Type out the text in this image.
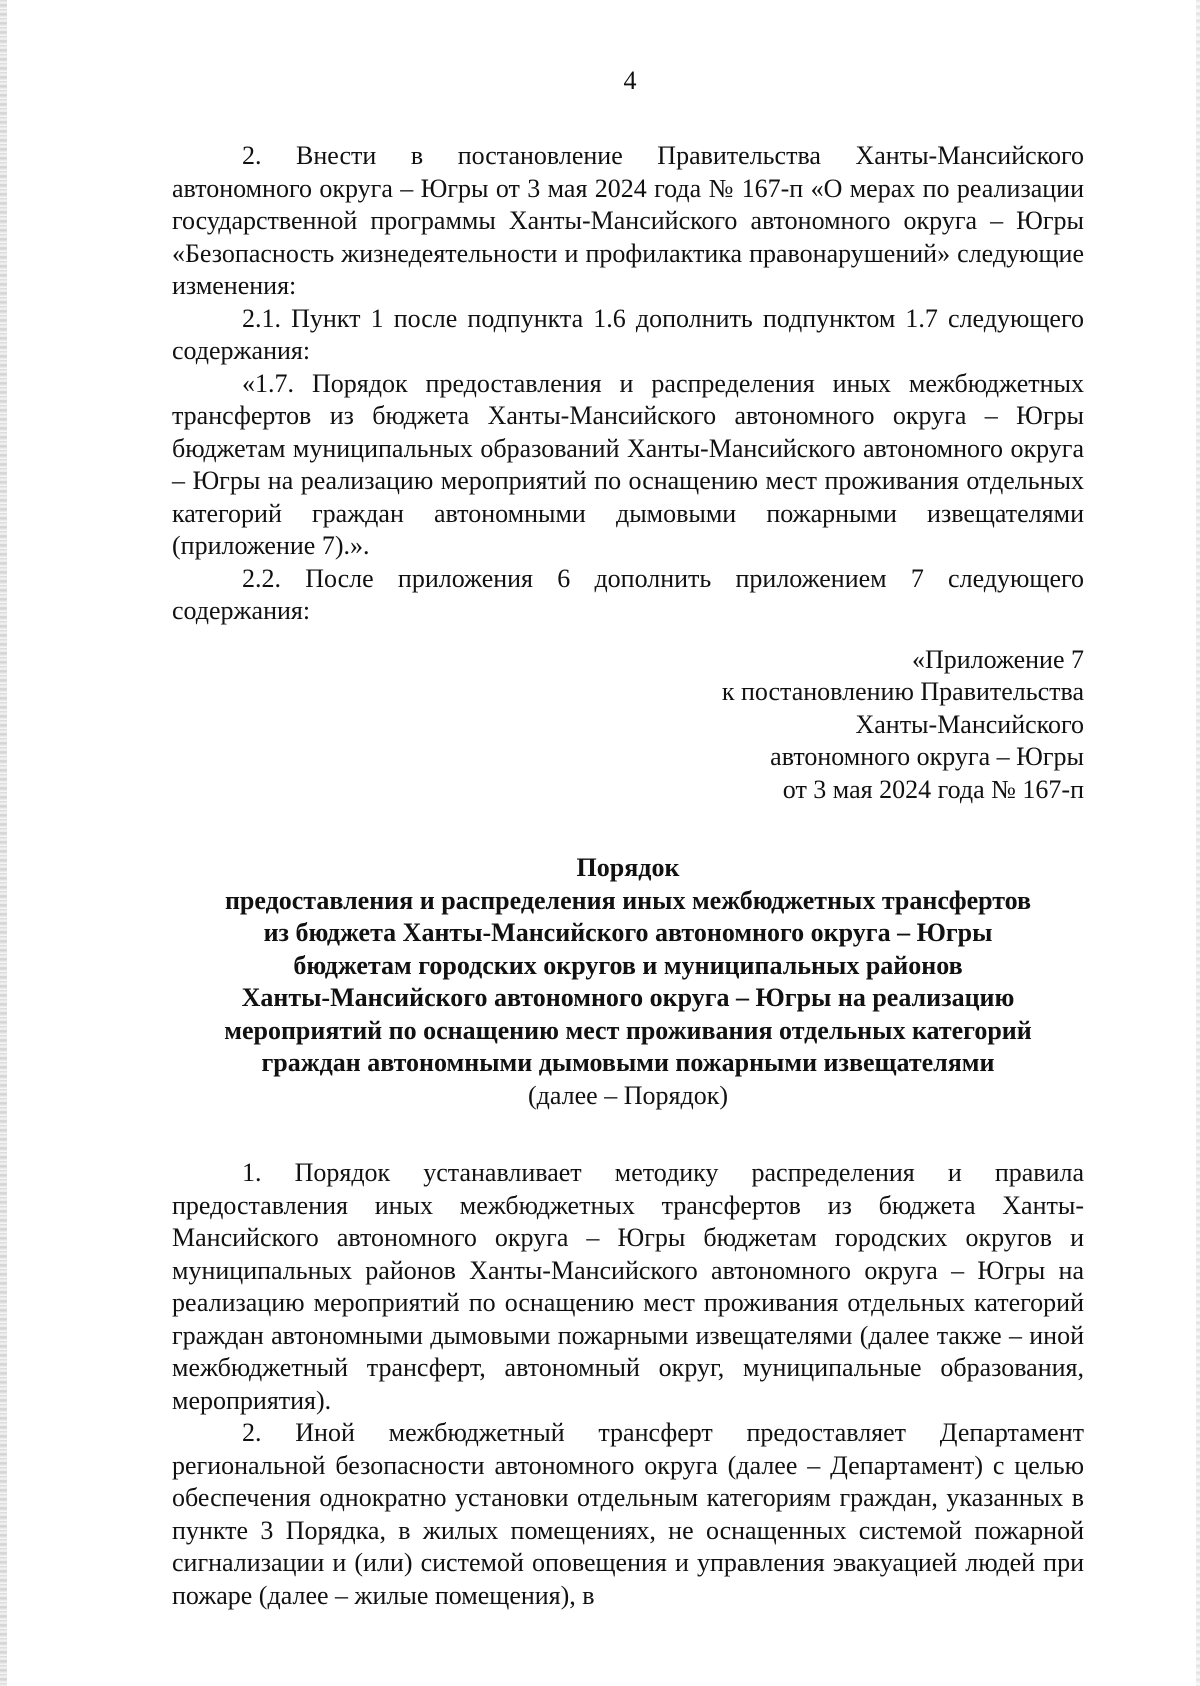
4

2. Внести в постановление Правительства Ханты-Мансийского автономного округа – Югры от 3 мая 2024 года № 167-п «О мерах по реализации государственной программы Ханты-Мансийского автономного округа – Югры «Безопасность жизнедеятельности и профилактика правонарушений» следующие изменения:

2.1. Пункт 1 после подпункта 1.6 дополнить подпунктом 1.7 следующего содержания:

«1.7. Порядок предоставления и распределения иных межбюджетных трансфертов из бюджета Ханты-Мансийского автономного округа – Югры бюджетам муниципальных образований Ханты-Мансийского автономного округа – Югры на реализацию мероприятий по оснащению мест проживания отдельных категорий граждан автономными дымовыми пожарными извещателями (приложение 7).».

2.2. После приложения 6 дополнить приложением 7 следующего содержания:

«Приложение 7
к постановлению Правительства
Ханты-Мансийского
автономного округа – Югры
от 3 мая 2024 года № 167-п
Порядок
предоставления и распределения иных межбюджетных трансфертов
из бюджета Ханты-Мансийского автономного округа – Югры
бюджетам городских округов и муниципальных районов
Ханты-Мансийского автономного округа – Югры на реализацию
мероприятий по оснащению мест проживания отдельных категорий
граждан автономными дымовыми пожарными извещателями
(далее – Порядок)

1. Порядок устанавливает методику распределения и правила предоставления иных межбюджетных трансфертов из бюджета Ханты-Мансийского автономного округа – Югры бюджетам городских округов и муниципальных районов Ханты-Мансийского автономного округа – Югры на реализацию мероприятий по оснащению мест проживания отдельных категорий граждан автономными дымовыми пожарными извещателями (далее также – иной межбюджетный трансферт, автономный округ, муниципальные образования, мероприятия).

2. Иной межбюджетный трансферт предоставляет Департамент региональной безопасности автономного округа (далее – Департамент) с целью обеспечения однократно установки отдельным категориям граждан, указанных в пункте 3 Порядка, в жилых помещениях, не оснащенных системой пожарной сигнализации и (или) системой оповещения и управления эвакуацией людей при пожаре (далее – жилые помещения), в
